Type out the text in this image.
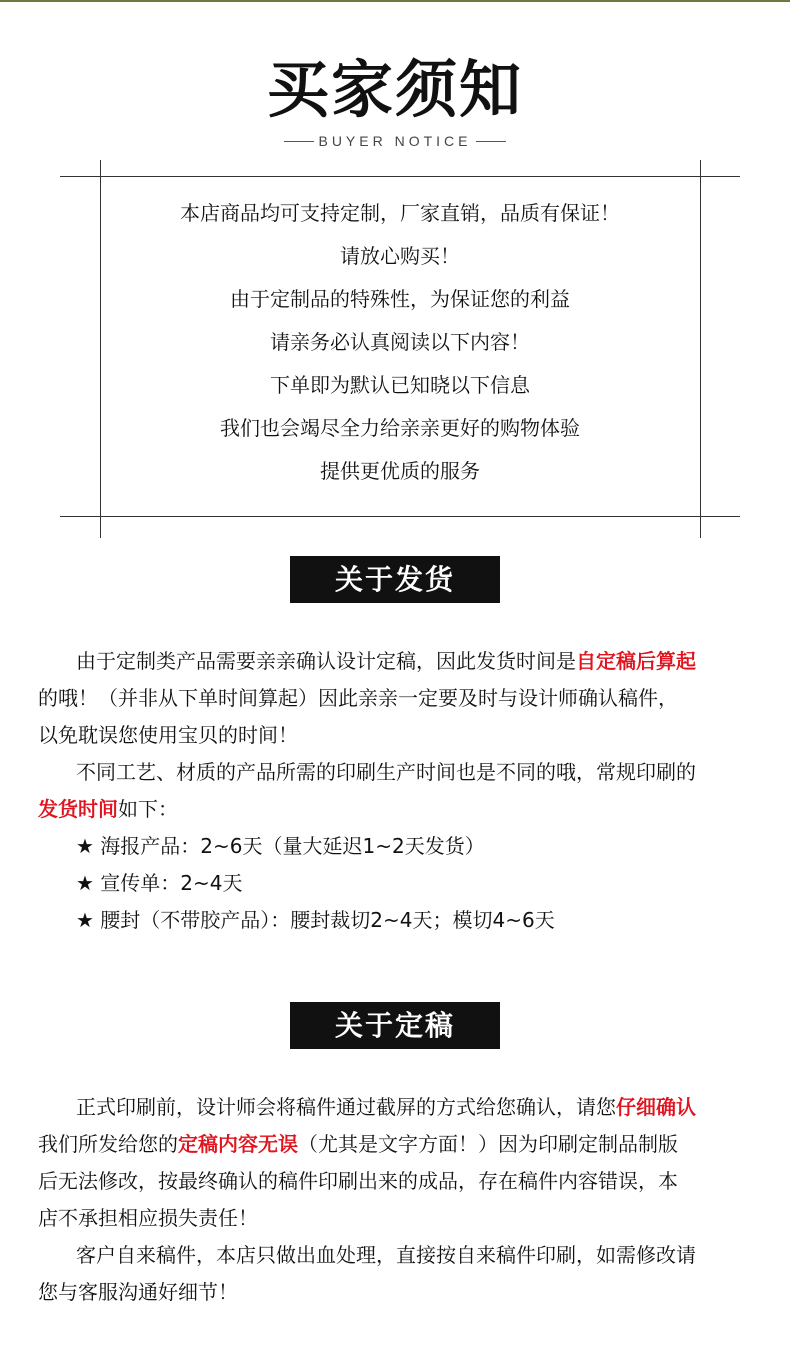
买家须知
BUYER NOTICE
本店商品均可支持定制，厂家直销，品质有保证！
请放心购买！
由于定制品的特殊性，为保证您的利益
请亲务必认真阅读以下内容！
下单即为默认已知晓以下信息
我们也会竭尽全力给亲亲更好的购物体验
提供更优质的服务
关于发货

由于定制类产品需要亲亲确认设计定稿，因此发货时间是自定稿后算起

的哦！（并非从下单时间算起）因此亲亲一定要及时与设计师确认稿件，

以免耽误您使用宝贝的时间！

不同工艺、材质的产品所需的印刷生产时间也是不同的哦，常规印刷的

发货时间如下：

★ 海报产品：2~6天（量大延迟1~2天发货）

★ 宣传单：2~4天

★ 腰封（不带胶产品）：腰封裁切2~4天；模切4~6天

关于定稿

正式印刷前，设计师会将稿件通过截屏的方式给您确认，请您仔细确认

我们所发给您的定稿内容无误（尤其是文字方面！）因为印刷定制品制版

后无法修改，按最终确认的稿件印刷出来的成品，存在稿件内容错误，本

店不承担相应损失责任！

客户自来稿件，本店只做出血处理，直接按自来稿件印刷，如需修改请

您与客服沟通好细节！
